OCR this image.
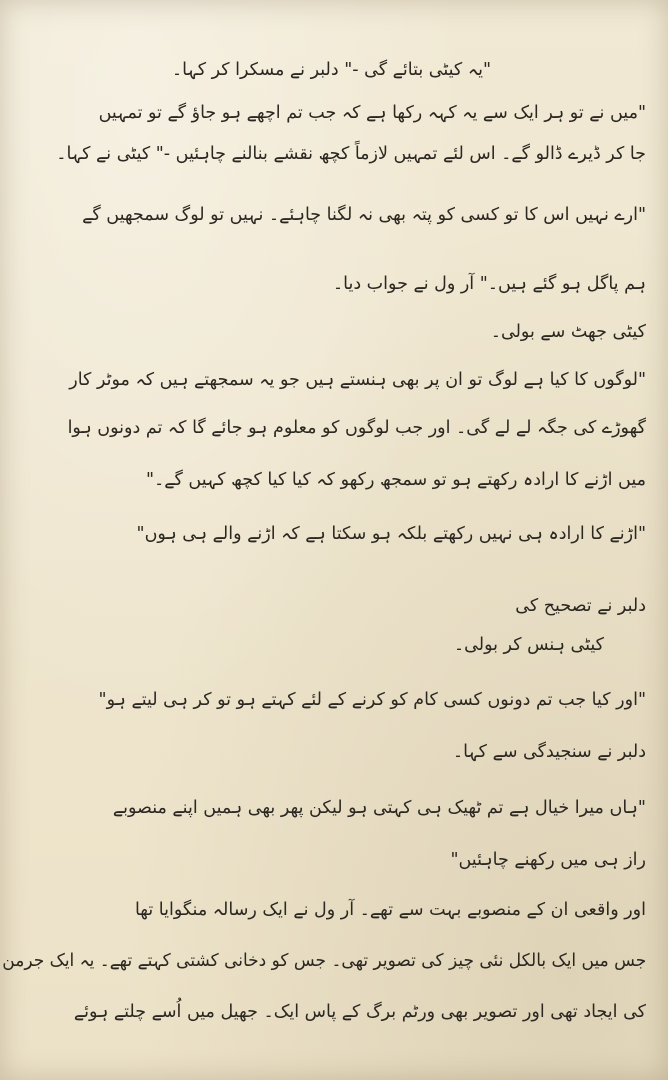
"یہ کیٹی بتائے گی -" دلبر نے مسکرا کر کہا۔
"میں نے تو ہر ایک سے یہ کہہ رکھا ہے کہ جب تم اچھے ہو جاؤ گے تو تمہیں
جا کر ڈیرے ڈالو گے۔ اس لئے تمہیں لازماً کچھ نقشے بنالنے چاہئیں -" کیٹی نے کہا۔
"ارے نہیں اس کا تو کسی کو پتہ بھی نہ لگنا چاہئے۔ نہیں تو لوگ سمجھیں گے
ہم پاگل ہو گئے ہیں۔" آر ول نے جواب دیا۔
کیٹی جھٹ سے بولی۔
"لوگوں کا کیا ہے لوگ تو ان پر بھی ہنستے ہیں جو یہ سمجھتے ہیں کہ موٹر کار
گھوڑے کی جگہ لے لے گی۔ اور جب لوگوں کو معلوم ہو جائے گا کہ تم دونوں ہوا
میں اڑنے کا ارادہ رکھتے ہو تو سمجھ رکھو کہ کیا کیا کچھ کہیں گے۔"
"اڑنے کا ارادہ ہی نہیں رکھتے بلکہ ہو سکتا ہے کہ اڑنے والے ہی ہوں"
دلبر نے تصحیح کی
کیٹی ہنس کر بولی۔
"اور کیا جب تم دونوں کسی کام کو کرنے کے لئے کہتے ہو تو کر ہی لیتے ہو"
دلبر نے سنجیدگی سے کہا۔
"ہاں میرا خیال ہے تم ٹھیک ہی کہتی ہو لیکن پھر بھی ہمیں اپنے منصوبے
راز ہی میں رکھنے چاہئیں"
اور واقعی ان کے منصوبے بہت سے تھے۔ آر ول نے ایک رسالہ منگوایا تھا
جس میں ایک بالکل نئی چیز کی تصویر تھی۔ جس کو دخانی کشتی کہتے تھے۔ یہ ایک جرمن
کی ایجاد تھی اور تصویر بھی ورٹم برگ کے پاس ایک۔ جھیل میں اُسے چلتے ہوئے
